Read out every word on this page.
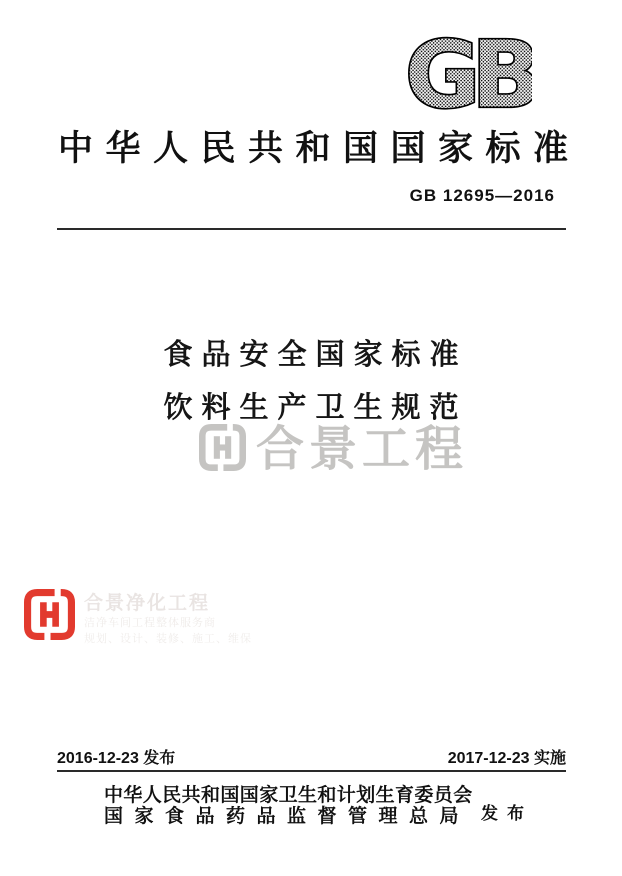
GB
中华人民共和国国家标准
GB 12695—2016
食品安全国家标准
饮料生产卫生规范
合景工程
合景净化工程
洁净车间工程整体服务商
规划、设计、装修、施工、维保
2016-12-23 发布	2017-12-23 实施
中华人民共和国国家卫生和计划生育委员会
国家食品药品监督管理总局 发布
